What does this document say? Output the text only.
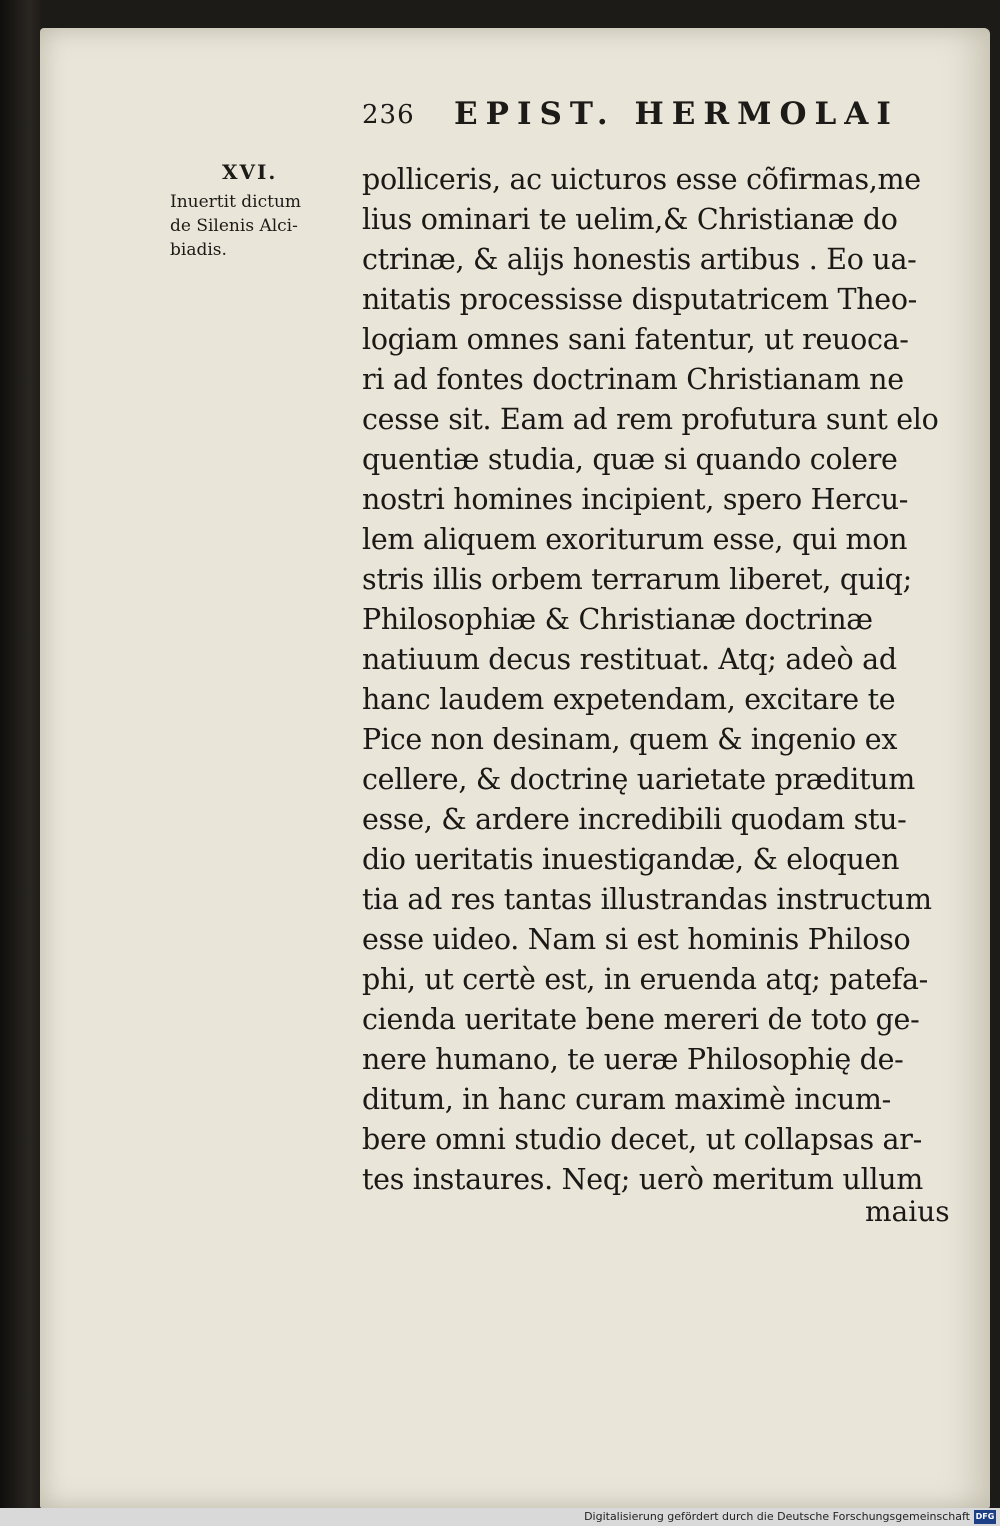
236 EPIST. HERMOLAI
XVI.
Inuertit dictum
de Silenis Alci-
biadis.
polliceris, ac uicturos esse cõfirmas,me
lius ominari te uelim,& Christianæ do
ctrinæ, & alijs honestis artibus . Eo ua-
nitatis processisse disputatricem Theo-
logiam omnes sani fatentur, ut reuoca-
ri ad fontes doctrinam Christianam ne
cesse sit. Eam ad rem profutura sunt elo
quentiæ studia, quæ si quando colere
nostri homines incipient, spero Hercu-
lem aliquem exoriturum esse, qui mon
stris illis orbem terrarum liberet, quiq;
Philosophiæ & Christianæ doctrinæ
natiuum decus restituat. Atq; adeò ad
hanc laudem expetendam, excitare te
Pice non desinam, quem & ingenio ex
cellere, & doctrinę uarietate præditum
esse, & ardere incredibili quodam stu-
dio ueritatis inuestigandæ, & eloquen
tia ad res tantas illustrandas instructum
esse uideo. Nam si est hominis Philoso
phi, ut certè est, in eruenda atq; patefa-
cienda ueritate bene mereri de toto ge-
nere humano, te ueræ Philosophię de-
ditum, in hanc curam maximè incum-
bere omni studio decet, ut collapsas ar-
tes instaures. Neq; uerò meritum ullum
maius
Digitalisierung gefördert durch die Deutsche Forschungsgemeinschaft DFG
